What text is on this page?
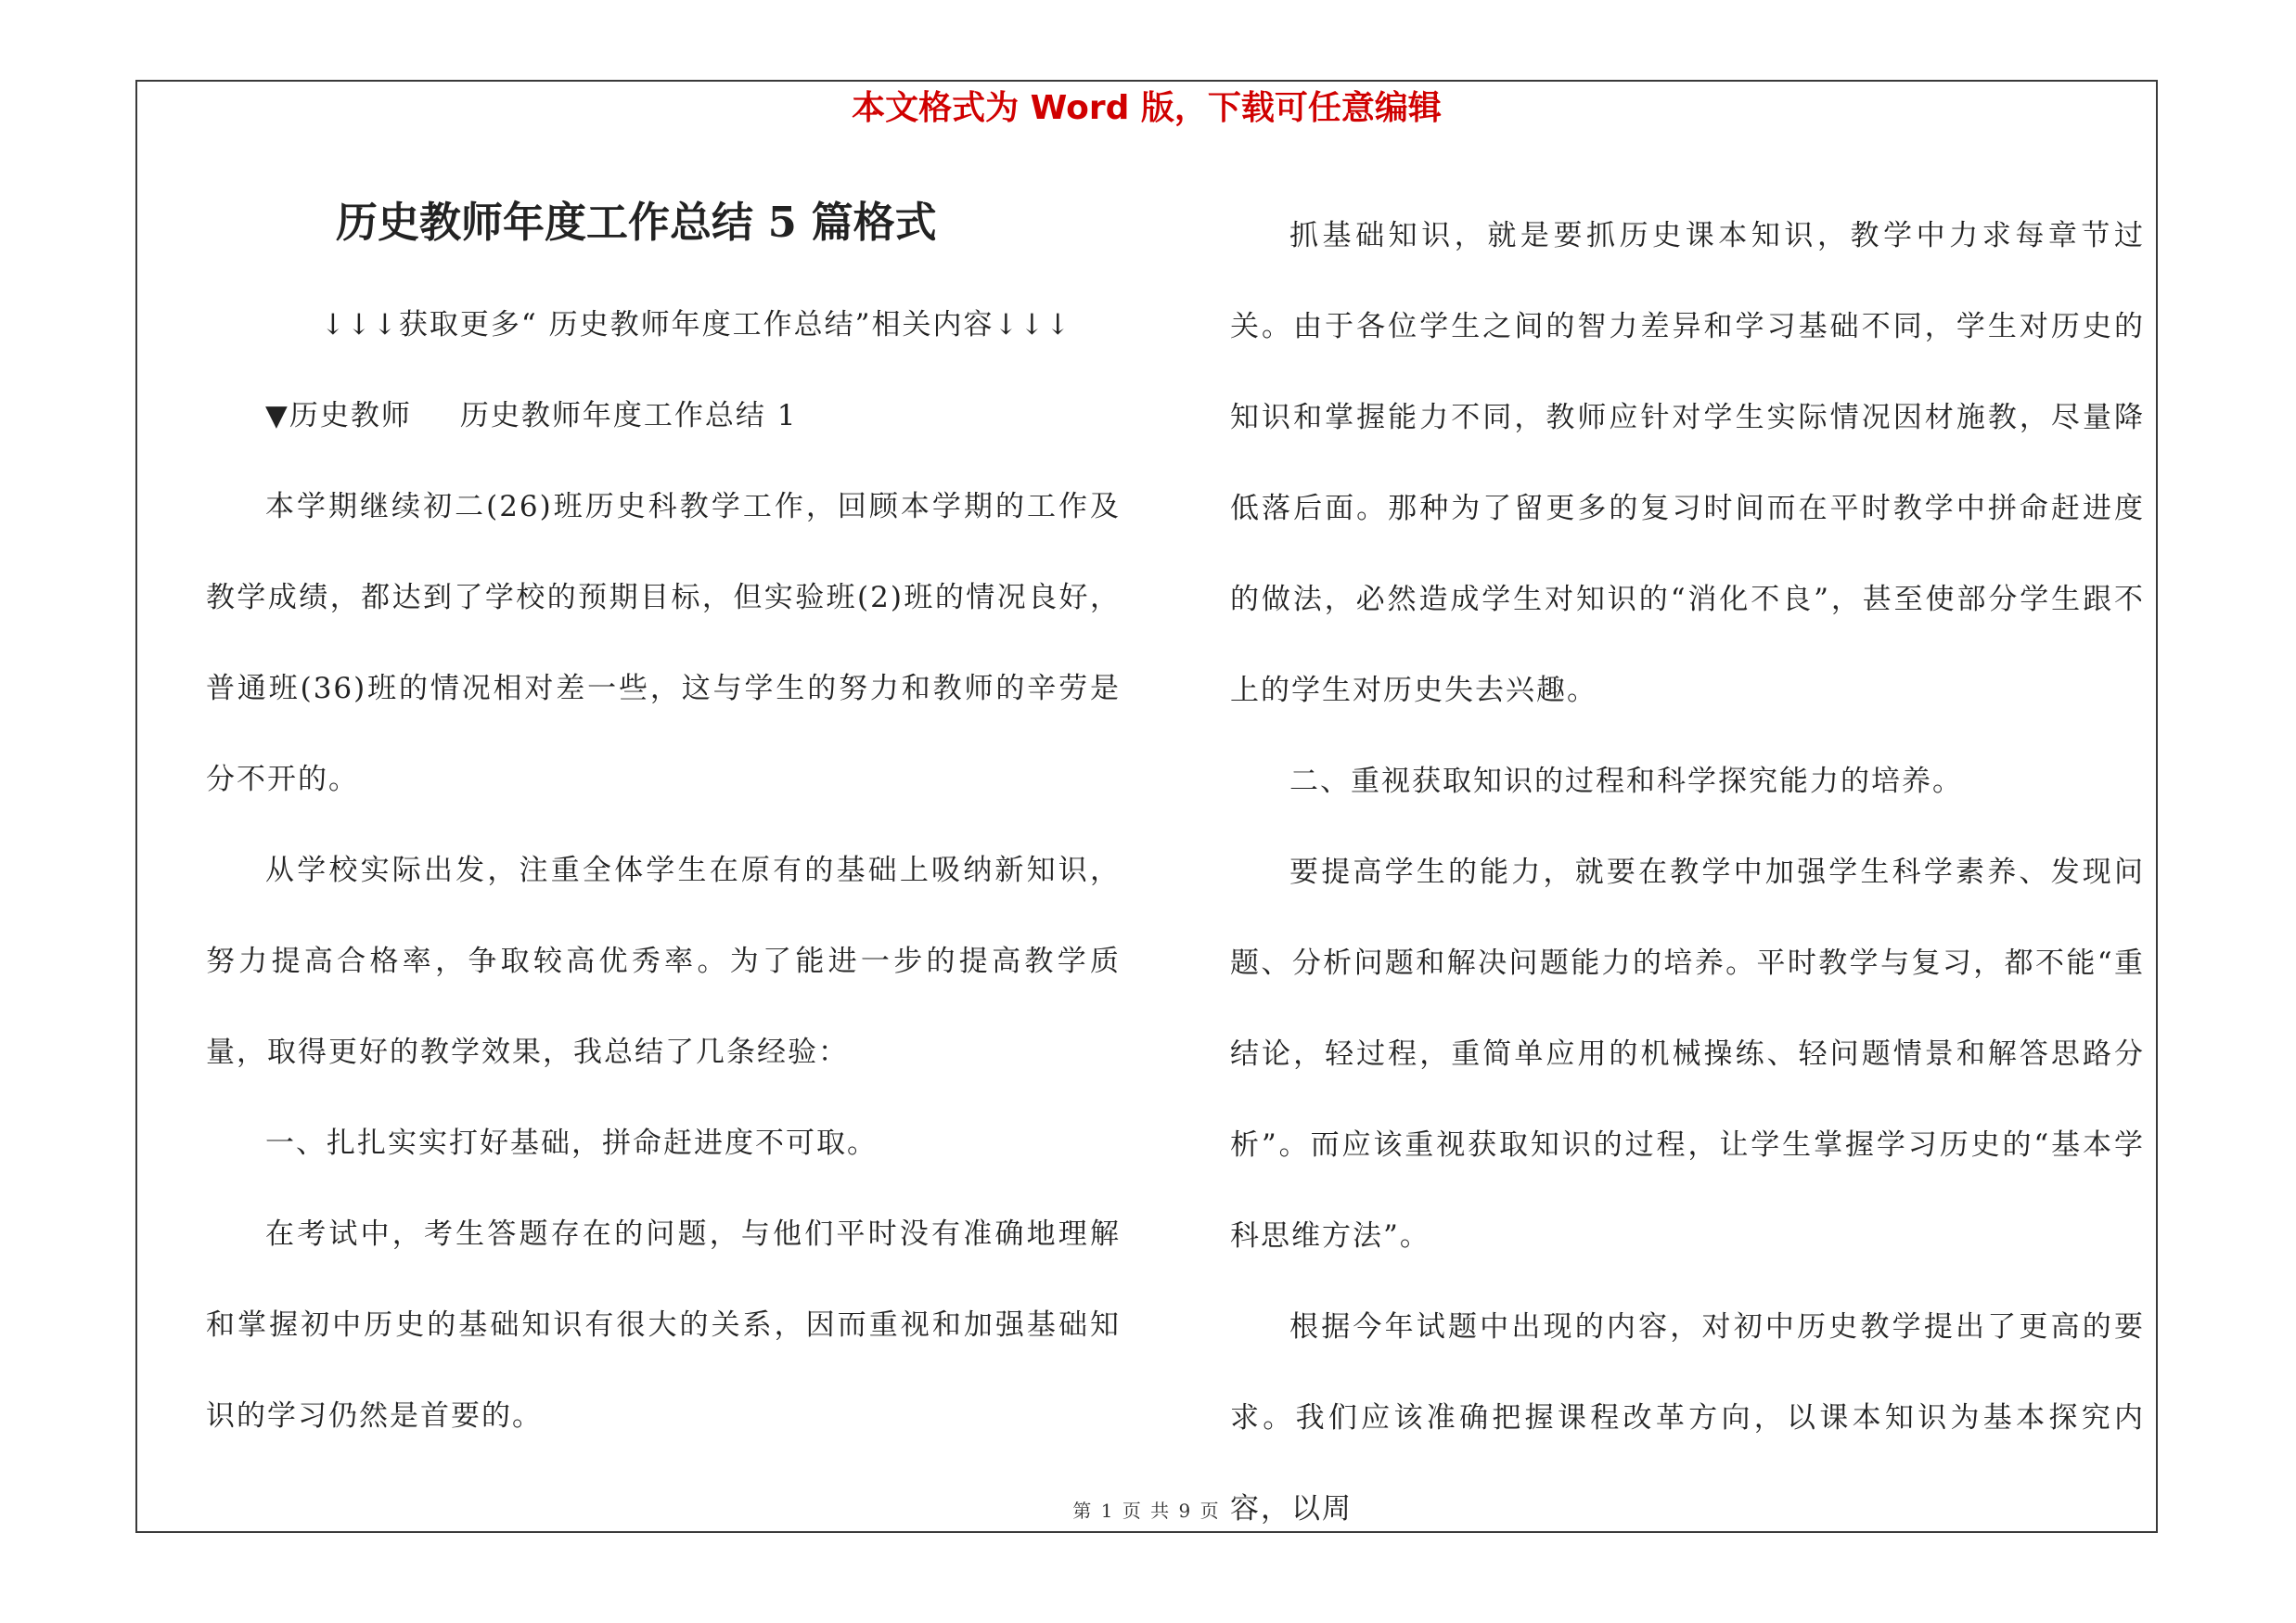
本文格式为 Word 版，下载可任意编辑
历史教师年度工作总结 5 篇格式

↓↓↓获取更多“ 历史教师年度工作总结”相关内容↓↓↓

▼历史教师 历史教师年度工作总结 1

本学期继续初二(26)班历史科教学工作，回顾本学期的工作及教学成绩，都达到了学校的预期目标，但实验班(2)班的情况良好，普通班(36)班的情况相对差一些，这与学生的努力和教师的辛劳是分不开的。

从学校实际出发，注重全体学生在原有的基础上吸纳新知识，努力提高合格率，争取较高优秀率。为了能进一步的提高教学质量，取得更好的教学效果，我总结了几条经验：

一、扎扎实实打好基础，拼命赶进度不可取。

在考试中，考生答题存在的问题，与他们平时没有准确地理解和掌握初中历史的基础知识有很大的关系，因而重视和加强基础知识的学习仍然是首要的。

抓基础知识，就是要抓历史课本知识，教学中力求每章节过关。由于各位学生之间的智力差异和学习基础不同，学生对历史的知识和掌握能力不同，教师应针对学生实际情况因材施教，尽量降低落后面。那种为了留更多的复习时间而在平时教学中拼命赶进度的做法，必然造成学生对知识的“消化不良”，甚至使部分学生跟不上的学生对历史失去兴趣。

二、重视获取知识的过程和科学探究能力的培养。

要提高学生的能力，就要在教学中加强学生科学素养、发现问题、分析问题和解决问题能力的培养。平时教学与复习，都不能“重结论，轻过程，重简单应用的机械操练、轻问题情景和解答思路分析”。而应该重视获取知识的过程，让学生掌握学习历史的“基本学科思维方法”。

根据今年试题中出现的内容，对初中历史教学提出了更高的要求。我们应该准确把握课程改革方向，以课本知识为基本探究内容，以周

第 1 页 共 9 页
